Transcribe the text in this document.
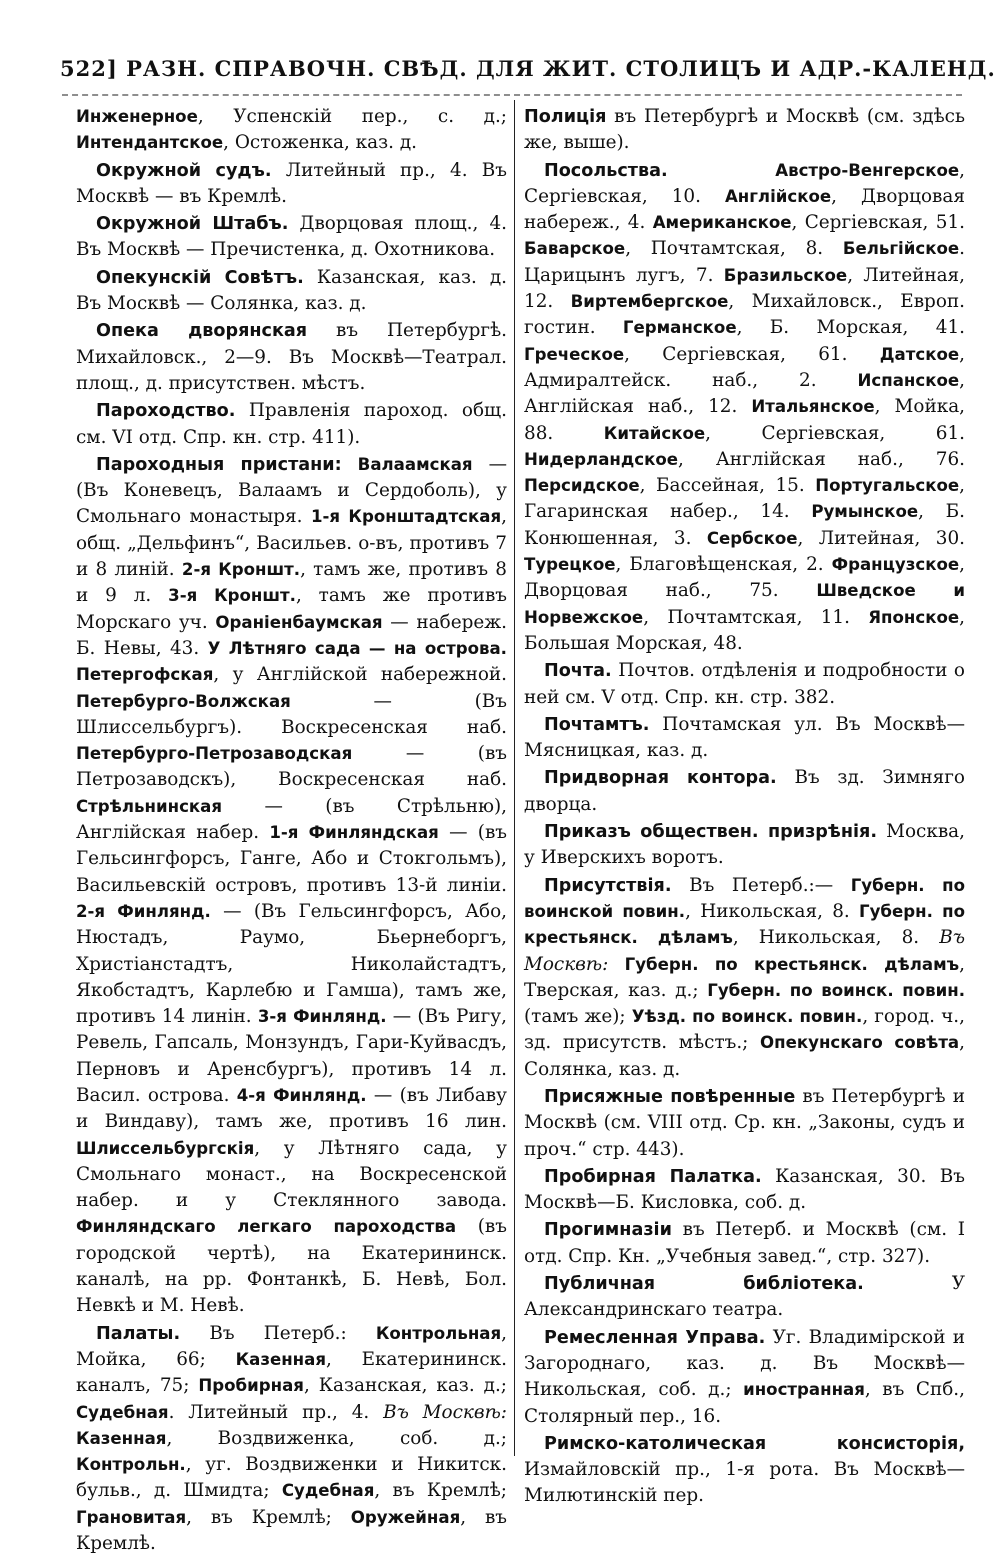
522] РАЗН. СПРАВОЧН. СВѢД. ДЛЯ ЖИТ. СТОЛИЦЪ И АДР.-КАЛЕНД.

Инженерное, Успенскій пер., с. д.; Интендантское, Остоженка, каз. д.

Окружной судъ. Литейный пр., 4. Въ Москвѣ — въ Кремлѣ.

Окружной Штабъ. Дворцовая площ., 4. Въ Москвѣ — Пречистенка, д. Охотникова.

Опекунскій Совѣтъ. Казанская, каз. д. Въ Москвѣ — Солянка, каз. д.

Опека дворянская въ Петербургѣ. Михайловск., 2—9. Въ Москвѣ—Театрал. площ., д. присутствен. мѣстъ.

Пароходство. Правленія пароход. общ. см. VI отд. Спр. кн. стр. 411).

Пароходныя пристани: Валаамская — (Въ Коневецъ, Валаамъ и Сердоболь), у Смольнаго монастыря. 1-я Кронштадтская, общ. „Дельфинъ“, Васильев. о-въ, противъ 7 и 8 линій. 2-я Кроншт., тамъ же, противъ 8 и 9 л. 3-я Кроншт., тамъ же противъ Морскаго уч. Ораніенбаумская — набереж. Б. Невы, 43. У Лѣтняго сада — на острова. Петергофская, у Англійской набережной. Петербурго-Волжская — (Въ Шлиссельбургъ). Воскресенская наб. Петербурго-Петрозаводская — (въ Петрозаводскъ), Воскресенская наб. Стрѣльнинская — (въ Стрѣльню), Англійская набер. 1-я Финляндская — (въ Гельсингфорсъ, Ганге, Або и Стокгольмъ), Васильевскій островъ, противъ 13-й линіи. 2-я Финлянд. — (Въ Гельсингфорсъ, Або, Нюстадъ, Раумо, Бьернеборгъ, Христіанстадтъ, Николайстадтъ, Якобстадтъ, Карлебю и Гамша), тамъ же, противъ 14 линін. 3-я Финлянд. — (Въ Ригу, Ревель, Гапсаль, Монзундъ, Гари-Куйвасдъ, Перновъ и Аренсбургъ), противъ 14 л. Васил. острова. 4-я Финлянд. — (въ Либаву и Виндаву), тамъ же, противъ 16 лин. Шлиссельбургскія, у Лѣтняго сада, у Смольнаго монаст., на Воскресенской набер. и у Стеклянного завода. Финляндскаго легкаго пароходства (въ городской чертѣ), на Екатерининск. каналѣ, на рр. Фонтанкѣ, Б. Невѣ, Бол. Невкѣ и М. Невѣ.

Палаты. Въ Петерб.: Контрольная, Мойка, 66; Казенная, Екатерининск. каналъ, 75; Пробирная, Казанская, каз. д.; Судебная. Литейный пр., 4. Въ Москвѣ: Казенная, Воздвиженка, соб. д.; Контрольн., уг. Воздвиженки и Никитск. бульв., д. Шмидта; Судебная, въ Кремлѣ; Грановитая, въ Кремлѣ; Оружейная, въ Кремлѣ.

Полиція въ Петербургѣ и Москвѣ (см. здѣсь же, выше).

Посольства.	Австро-Венгерское, Сергіевская, 10. Англійское, Дворцовая набереж., 4. Американское, Сергіевская, 51. Баварское, Почтамтская, 8. Бельгійское. Царицынъ лугъ, 7. Бразильское, Литейная, 12. Виртембергское, Михайловск., Европ. гостин. Германское, Б. Морская, 41. Греческое, Сергіевская, 61. Датское, Адмиралтейск. наб., 2. Испанское, Англійская наб., 12. Итальянское, Мойка, 88. Китайское, Сергіевская, 61. Нидерландское, Англійская наб., 76. Персидское, Бассейная, 15. Португальское, Гагаринская набер., 14. Румынское, Б. Конюшенная, 3. Сербское, Литейная, 30. Турецкое, Благовѣщенская, 2. Французское, Дворцовая наб., 75. Шведское и Норвежское, Почтамтская, 11. Японское, Большая Морская, 48.

Почта. Почтов. отдѣленія и подробности о ней см. V отд. Спр. кн. стр. 382.

Почтамтъ. Почтамская ул. Въ Москвѣ—Мясницкая, каз. д.

Придворная контора. Въ зд. Зимняго дворца.

Приказъ обществен. призрѣнія. Москва, у Иверскихъ воротъ.

Присутствія. Въ Петерб.:— Губерн. по воинской повин., Никольская, 8. Губерн. по крестьянск. дѣламъ, Никольская, 8. Въ Москвѣ: Губерн. по крестьянск. дѣламъ, Тверская, каз. д.; Губерн. по воинск. повин. (тамъ же); Уѣзд. по воинск. повин., город. ч., зд. присутств. мѣстъ.; Опекунскаго совѣта, Солянка, каз. д.

Присяжные повѣренные въ Петербургѣ и Москвѣ (см. VIII отд. Ср. кн. „Законы, судъ и проч.“ стр. 443).

Пробирная Палатка. Казанская, 30. Въ Москвѣ—Б. Кисловка, соб. д.

Прогимназіи въ Петерб. и Москвѣ (см. I отд. Спр. Кн. „Учебныя завед.“, стр. 327).

Публичная библіотека. У Александринскаго театра.

Ремесленная Управа. Уг. Владимірской и Загороднаго, каз. д. Въ Москвѣ—Никольская, соб. д.; иностранная, въ Спб., Столярный пер., 16.

Римско-католическая консисторія, Измайловскій пр., 1-я рота. Въ Москвѣ—Милютинскій пер.
